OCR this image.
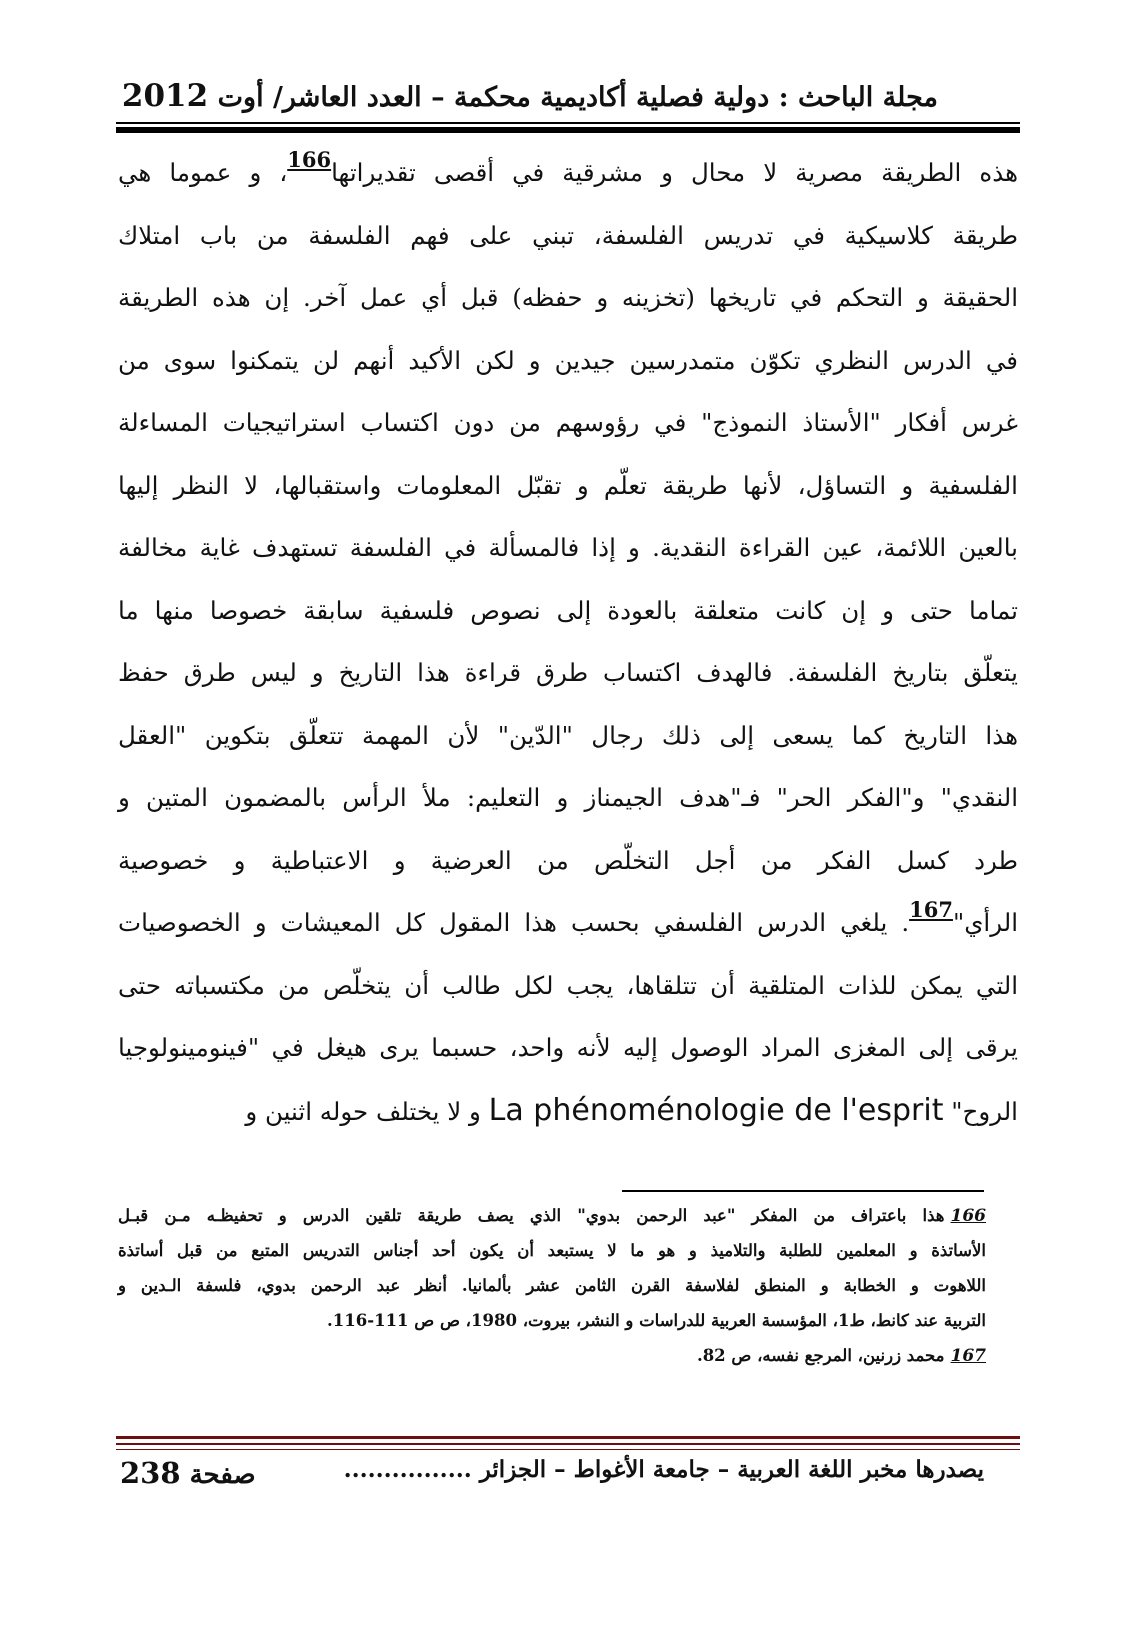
مجلة الباحث : دولية فصلية أكاديمية محكمة – العدد العاشر/ أوت 2012
هذه الطريقة مصرية لا محال و مشرقية في أقصى تقديراتها166، و عموما هي
طريقة كلاسيكية في تدريس الفلسفة، تبني على فهم الفلسفة من باب امتلاك
الحقيقة و التحكم في تاريخها (تخزينه و حفظه) قبل أي عمل آخر. إن هذه الطريقة
في الدرس النظري تكوّن متمدرسين جيدين و لكن الأكيد أنهم لن يتمكنوا سوى من
غرس أفكار "الأستاذ النموذج" في رؤوسهم من دون اكتساب استراتيجيات المساءلة
الفلسفية و التساؤل، لأنها طريقة تعلّم و تقبّل المعلومات واستقبالها، لا النظر إليها
بالعين اللائمة، عين القراءة النقدية. و إذا فالمسألة في الفلسفة تستهدف غاية مخالفة
تماما حتى و إن كانت متعلقة بالعودة إلى نصوص فلسفية سابقة خصوصا منها ما
يتعلّق بتاريخ الفلسفة. فالهدف اكتساب طرق قراءة هذا التاريخ و ليس طرق حفظ
هذا التاريخ كما يسعى إلى ذلك رجال "الدّين" لأن المهمة تتعلّق بتكوين "العقل
النقدي" و"الفكر الحر" فـ"هدف الجيمناز و التعليم: ملأ الرأس بالمضمون المتين و
طرد كسل الفكر من أجل التخلّص من العرضية و الاعتباطية و خصوصية
الرأي"167. يلغي الدرس الفلسفي بحسب هذا المقول كل المعيشات و الخصوصيات
التي يمكن للذات المتلقية أن تتلقاها، يجب لكل طالب أن يتخلّص من مكتسباته حتى
يرقى إلى المغزى المراد الوصول إليه لأنه واحد، حسبما يرى هيغل في "فينومينولوجيا
الروح" La phénoménologie de l'esprit و لا يختلف حوله اثنين و
166هذا باعتراف من المفكر "عبد الرحمن بدوي" الذي يصف طريقة تلقين الدرس و تحفيظـه مـن قبـل
الأساتذة و المعلمين للطلبة والتلاميذ و هو ما لا يستبعد أن يكون أحد أجناس التدريس المتبع من قبل أساتذة
اللاهوت و الخطابة و المنطق لفلاسفة القرن الثامن عشر بألمانيا. أنظر عبد الرحمن بدوي، فلسفة الـدين و
التربية عند كانط، ط1، المؤسسة العربية للدراسات و النشر، بيروت، 1980، ص ص 111-116.
167محمد زرنين، المرجع نفسه، ص 82.
صفحة 238	يصدرها مخبر اللغة العربية – جامعة الأغواط – الجزائر ................
